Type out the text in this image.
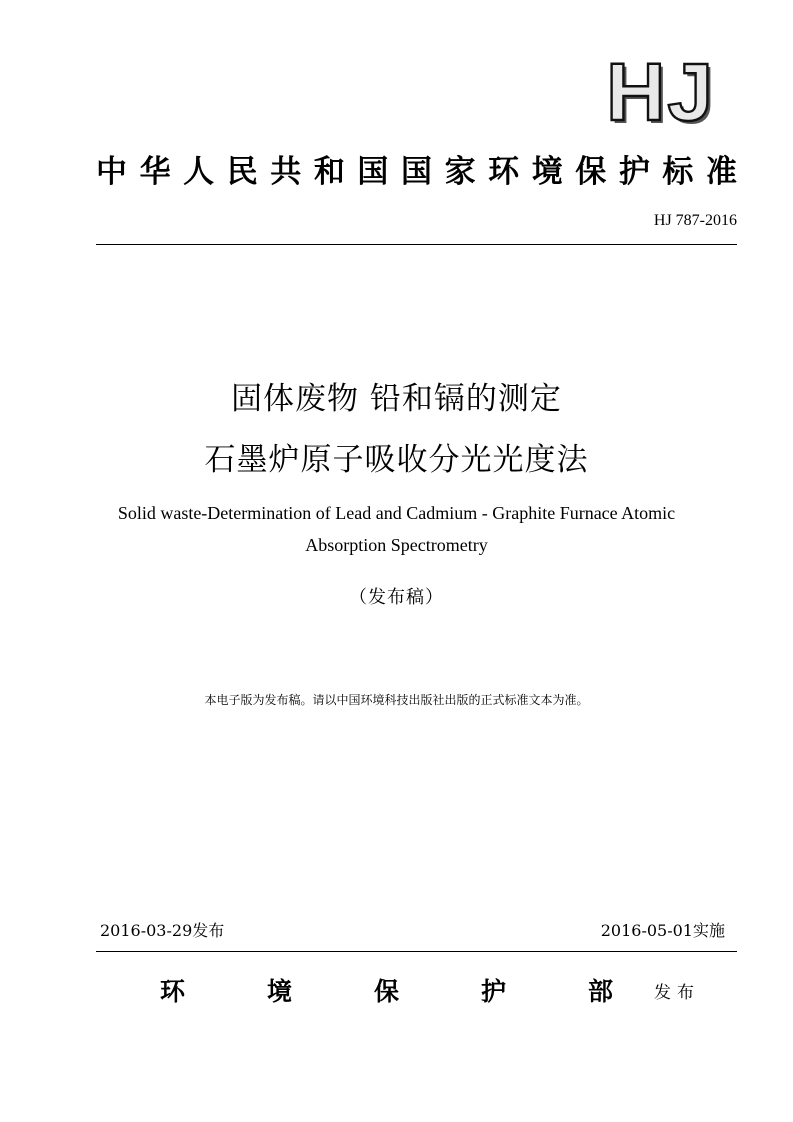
HJ
中华人民共和国国家环境保护标准
HJ 787-2016
固体废物 铅和镉的测定
石墨炉原子吸收分光光度法
Solid waste-Determination of Lead and Cadmium - Graphite Furnace Atomic
Absorption Spectrometry
（发布稿）
本电子版为发布稿。请以中国环境科技出版社出版的正式标准文本为准。
2016-03-29发布	2016-05-01实施
环境保护部 发布
